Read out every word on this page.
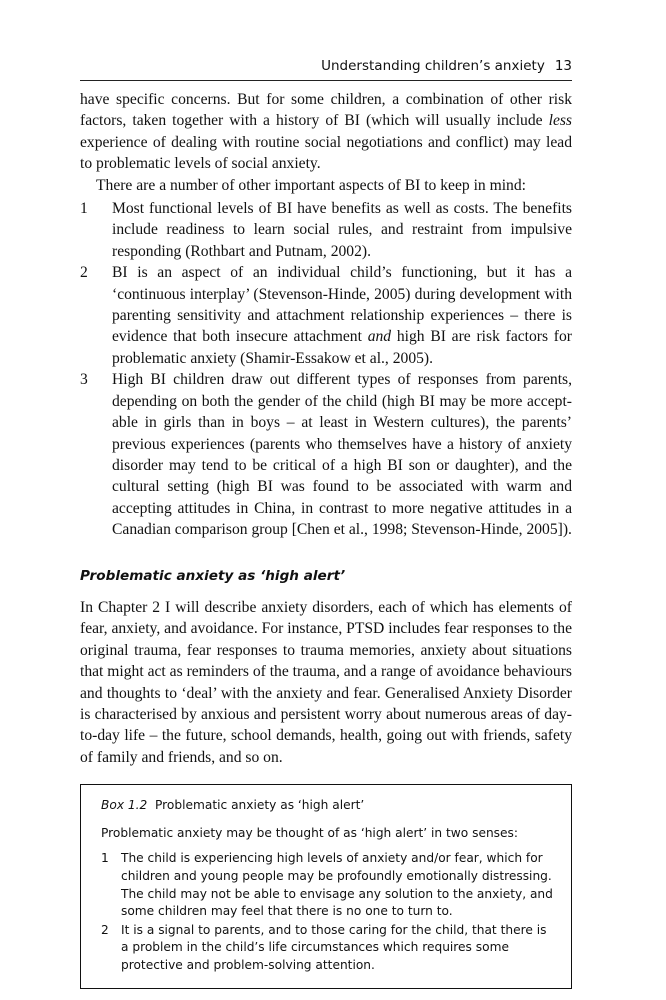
Understanding children’s anxiety 13

have specific concerns. But for some children, a combination of other risk factors, taken together with a history of BI (which will usually include less experience of dealing with routine social negotiations and conflict) may lead to problematic levels of social anxiety.

There are a number of other important aspects of BI to keep in mind:

1 Most functional levels of BI have benefits as well as costs. The benefits include readiness to learn social rules, and restraint from impulsive responding (Rothbart and Putnam, 2002).
2 BI is an aspect of an individual child’s functioning, but it has a ‘continuous interplay’ (Stevenson-Hinde, 2005) during development with parenting sensitivity and attachment relationship experiences – there is evidence that both insecure attachment and high BI are risk factors for problematic anxiety (Shamir-Essakow et al., 2005).
3 High BI children draw out different types of responses from parents, depending on both the gender of the child (high BI may be more acceptable in girls than in boys – at least in Western cultures), the parents’ previous experiences (parents who themselves have a history of anxiety disorder may tend to be critical of a high BI son or daughter), and the cultural setting (high BI was found to be associated with warm and accepting attitudes in China, in contrast to more negative attitudes in a Canadian comparison group [Chen et al., 1998; Stevenson-Hinde, 2005]).
Problematic anxiety as ‘high alert’

In Chapter 2 I will describe anxiety disorders, each of which has elements of fear, anxiety, and avoidance. For instance, PTSD includes fear responses to the original trauma, fear responses to trauma memories, anxiety about situations that might act as reminders of the trauma, and a range of avoidance behaviours and thoughts to ‘deal’ with the anxiety and fear. Generalised Anxiety Disorder is characterised by anxious and persistent worry about numerous areas of day-to-day life – the future, school demands, health, going out with friends, safety of family and friends, and so on.

Box 1.2 Problematic anxiety as ‘high alert’

Problematic anxiety may be thought of as ‘high alert’ in two senses:

1 The child is experiencing high levels of anxiety and/or fear, which for children and young people may be profoundly emotionally distressing. The child may not be able to envisage any solution to the anxiety, and some children may feel that there is no one to turn to.
2 It is a signal to parents, and to those caring for the child, that there is a problem in the child’s life circumstances which requires some protective and problem-solving attention.
